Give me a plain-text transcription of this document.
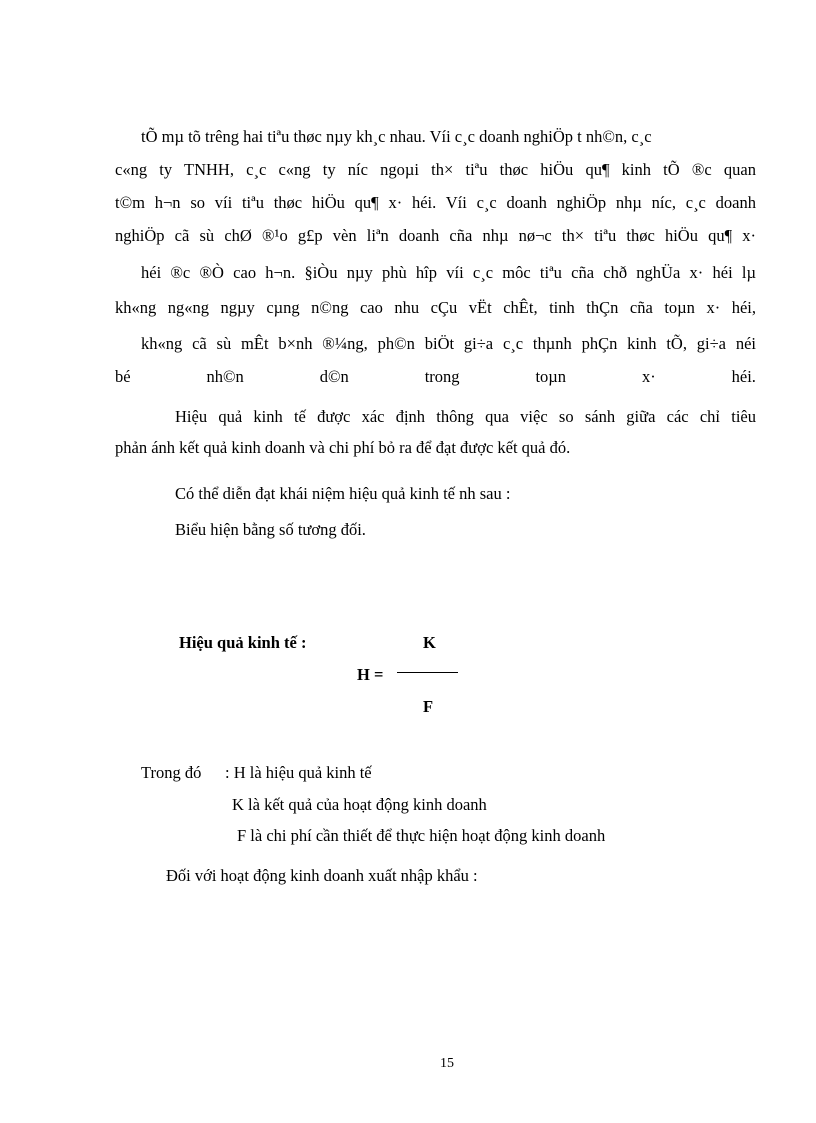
tÕ mµ tõ trêng hai tiªu thøc nµy kh¸c nhau. Víi c¸c doanh nghiÖp t nh©n, c¸c
c«ng ty TNHH, c¸c c«ng ty níc ngoµi th× tiªu thøc hiÖu qu¶ kinh tÕ ®c quan
t©m h¬n so víi tiªu thøc hiÖu qu¶ x· héi. Víi c¸c doanh nghiÖp nhµ níc, c¸c doanh
nghiÖp cã sù chØ ®¹o g£p vèn liªn doanh cña nhµ nø¬c th× tiªu thøc hiÖu qu¶ x·
héi ®c ®Ò cao h¬n. §iÒu nµy phù hîp víi c¸c môc tiªu cña chð nghÜa x· héi lµ
kh«ng ng«ng ngµy cµng n©ng cao nhu cÇu vËt chÊt, tinh thÇn cña toµn x· héi,
kh«ng cã sù mÊt b×nh ®¼ng, ph©n biÖt gi÷a c¸c thµnh phÇn kinh tÕ, gi÷a néi
bé	nh©n	d©n	trong	toµn	x·	héi.
Hiệu quả kinh tế được xác định thông qua việc so sánh giữa các chỉ tiêu
phản ánh kết quả kinh doanh và chi phí bỏ ra để đạt được kết quả đó.
Có thể diễn đạt khái niệm hiệu quả kinh tế nh sau :
Biểu hiện bằng số tương đối.
Hiệu quả kinh tế :	K
H =
F
Trong đó : H là hiệu quả kinh tế
K là kết quả của hoạt động kinh doanh
F là chi phí cần thiết để thực hiện hoạt động kinh doanh
Đối với hoạt động kinh doanh xuất nhập khẩu :
15
